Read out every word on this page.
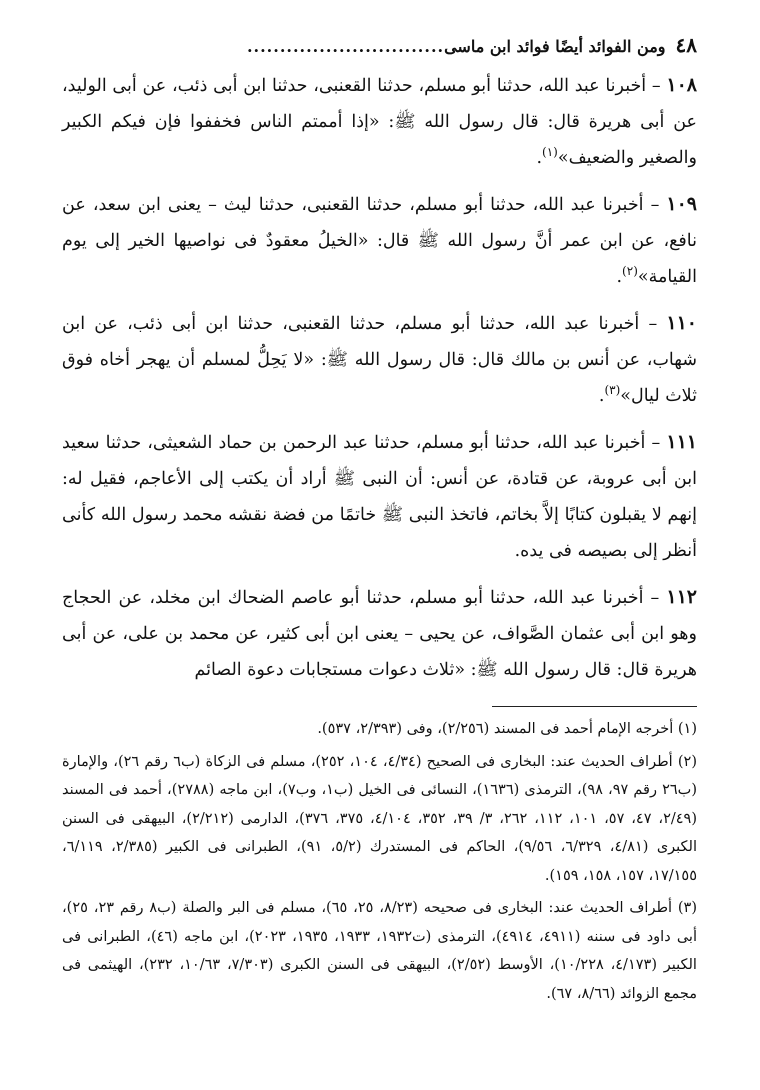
٤٨
ومن الفوائد أيضًا فوائد ابن ماسى
..............................

١٠٨ – أخبرنا عبد الله، حدثنا أبو مسلم، حدثنا القعنبى، حدثنا ابن أبى ذئب، عن أبى الوليد، عن أبى هريرة قال: قال رسول الله ﷺ: «إذا أممتم الناس فخففوا فإن فيكم الكبير والصغير والضعيف»$^{(١)}$.

١٠٩ – أخبرنا عبد الله، حدثنا أبو مسلم، حدثنا القعنبى، حدثنا ليث – يعنى ابن سعد، عن نافع، عن ابن عمر أنَّ رسول الله ﷺ قال: «الخيلُ معقودٌ فى نواصيها الخير إلى يوم القيامة»$^{(٢)}$.

١١٠ – أخبرنا عبد الله، حدثنا أبو مسلم، حدثنا القعنبى، حدثنا ابن أبى ذئب، عن ابن شهاب، عن أنس بن مالك قال: قال رسول الله ﷺ: «لا يَحِلُّ لمسلم أن يهجر أخاه فوق ثلاث ليال»$^{(٣)}$.

١١١ – أخبرنا عبد الله، حدثنا أبو مسلم، حدثنا عبد الرحمن بن حماد الشعيثى، حدثنا سعيد ابن أبى عروبة، عن قتادة، عن أنس: أن النبى ﷺ أراد أن يكتب إلى الأعاجم، فقيل له: إنهم لا يقبلون كتابًا إلاَّ بخاتم، فاتخذ النبى ﷺ خاتمًا من فضة نقشه محمد رسول الله كأنى أنظر إلى بصيصه فى يده.

١١٢ – أخبرنا عبد الله، حدثنا أبو مسلم، حدثنا أبو عاصم الضحاك ابن مخلد، عن الحجاج وهو ابن أبى عثمان الصَّواف، عن يحيى – يعنى ابن أبى كثير، عن محمد بن على، عن أبى هريرة قال: قال رسول الله ﷺ: «ثلاث دعوات مستجابات دعوة الصائم

(١) أخرجه الإمام أحمد فى المسند (٢/٢٥٦)، وفى (٢/٣٩٣، ٥٣٧).

(٢) أطراف الحديث عند: البخارى فى الصحيح (٤/٣٤، ١٠٤، ٢٥٢)، مسلم فى الزكاة (ب٦ رقم ٢٦)، والإمارة (ب٢٦ رقم ٩٧، ٩٨)، الترمذى (١٦٣٦)، النسائى فى الخيل (ب١، وب٧)، ابن ماجه (٢٧٨٨)، أحمد فى المسند (٢/٤٩، ٤٧، ٥٧، ١٠١، ١١٢، ٢٦٢، ٣/ ٣٩، ٣٥٢، ٤/١٠٤، ٣٧٥، ٣٧٦)، الدارمى (٢/٢١٢)، البيهقى فى السنن الكبرى (٤/٨١، ٦/٣٢٩، ٩/٥٦)، الحاكم فى المستدرك (٥/٢، ٩١)، الطبرانى فى الكبير (٢/٣٨٥، ٦/١١٩، ١٧/١٥٥، ١٥٧، ١٥٨، ١٥٩).

(٣) أطراف الحديث عند: البخارى فى صحيحه (٨/٢٣، ٢٥، ٦٥)، مسلم فى البر والصلة (ب٨ رقم ٢٣، ٢٥)، أبى داود فى سننه (٤٩١١، ٤٩١٤)، الترمذى (ت١٩٣٢، ١٩٣٣، ١٩٣٥، ٢٠٢٣)، ابن ماجه (٤٦)، الطبرانى فى الكبير (٤/١٧٣، ١٠/٢٢٨)، الأوسط (٢/٥٢)، البيهقى فى السنن الكبرى (٧/٣٠٣، ١٠/٦٣، ٢٣٢)، الهيثمى فى مجمع الزوائد (٨/٦٦، ٦٧).
